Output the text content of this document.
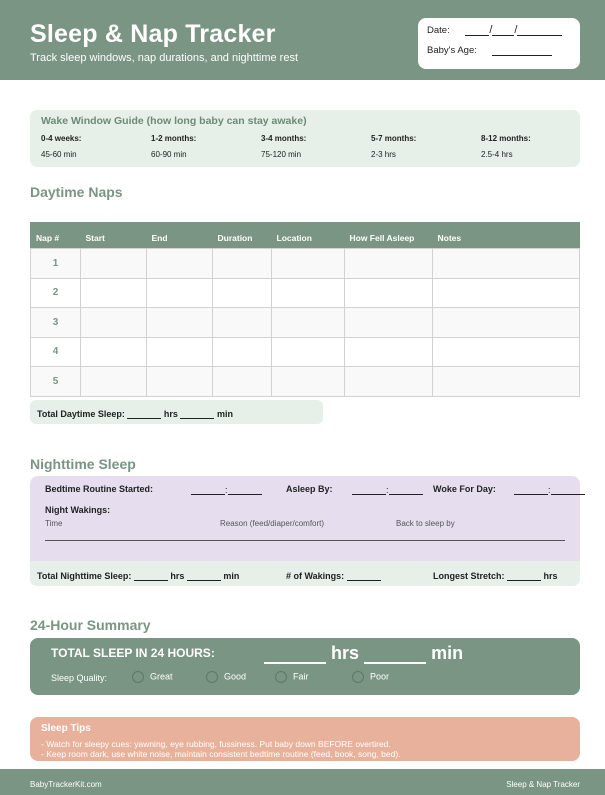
Sleep & Nap Tracker
Track sleep windows, nap durations, and nighttime rest
Date:	/ /
Baby's Age:
Wake Window Guide (how long baby can stay awake)
0-4 weeks:
45-60 min
1-2 months:
60-90 min
3-4 months:
75-120 min
5-7 months:
2-3 hrs
8-12 months:
2.5-4 hrs
Daytime Naps
Nap #	Start	End	Duration	Location	How Fell Asleep	Notes
1						
2						
3						
4						
5						
Total Daytime Sleep:	hrs	min
Nighttime Sleep
Bedtime Routine Started:	:	Asleep By:	:	Woke For Day:	:
Night Wakings:
Time	Reason (feed/diaper/comfort)	Back to sleep by
Total Nighttime Sleep:	hrs	min	# of Wakings:	Longest Stretch:	hrs
24-Hour Summary
TOTAL SLEEP IN 24 HOURS:	hrs	min
Sleep Quality:	Great	Good	Fair	Poor
Sleep Tips
- Watch for sleepy cues: yawning, eye rubbing, fussiness. Put baby down BEFORE overtired.
- Keep room dark, use white noise, maintain consistent bedtime routine (feed, book, song, bed).
BabyTrackerKit.com	Sleep & Nap Tracker
